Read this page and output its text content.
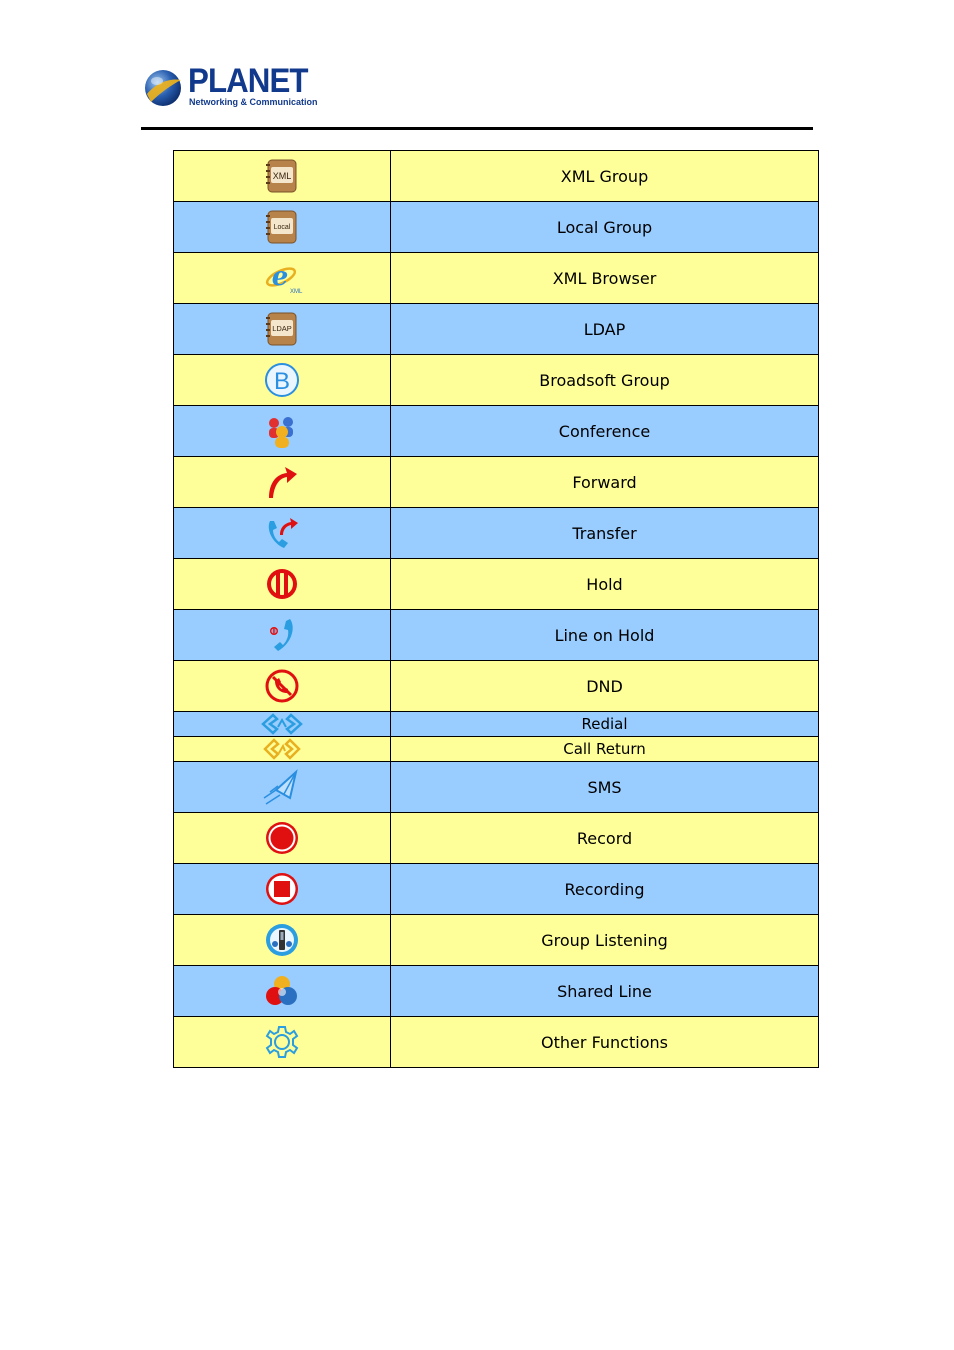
PLANET
Networking & Communication
XML	XML Group

Local	Local Group

e XML	XML Browser

LDAP	LDAP

B	Broadsoft Group
	Conference
	Forward
	Transfer
	Hold
	Line on Hold
	DND
	Redial
	Call Return
	SMS
	Record
	Recording
	Group Listening
	Shared Line
	Other Functions
